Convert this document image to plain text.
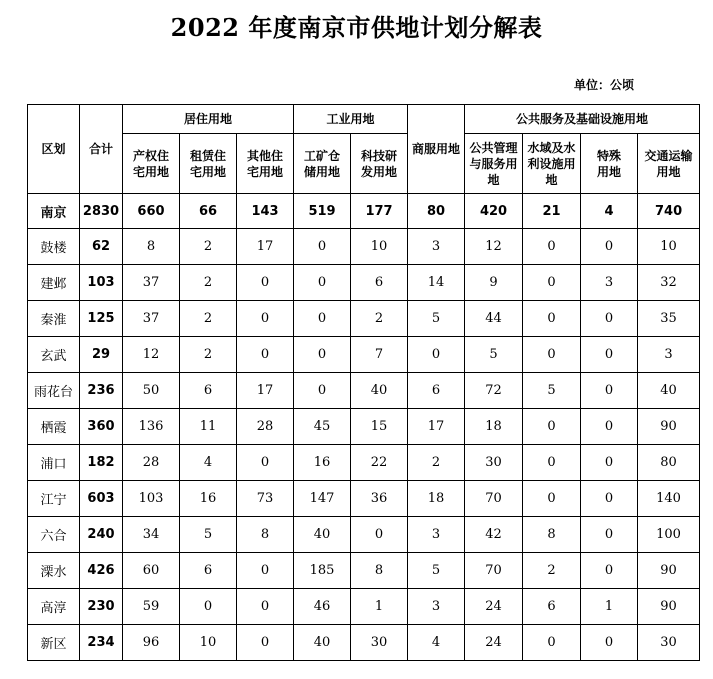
2022 年度南京市供地计划分解表
单位：公顷
区划	合计	居住用地			工业用地		商服用地	公共服务及基础设施用地			
		产权住宅用地	租赁住宅用地	其他住宅用地	工矿仓储用地	科技研发用地		公共管理与服务用地	水域及水利设施用地	特殊用地	交通运输用地
南京	2830	660	66	143	519	177	80	420	21	4	740
鼓楼	62	8	2	17	0	10	3	12	0	0	10
建邺	103	37	2	0	0	6	14	9	0	3	32
秦淮	125	37	2	0	0	2	5	44	0	0	35
玄武	29	12	2	0	0	7	0	5	0	0	3
雨花台	236	50	6	17	0	40	6	72	5	0	40
栖霞	360	136	11	28	45	15	17	18	0	0	90
浦口	182	28	4	0	16	22	2	30	0	0	80
江宁	603	103	16	73	147	36	18	70	0	0	140
六合	240	34	5	8	40	0	3	42	8	0	100
溧水	426	60	6	0	185	8	5	70	2	0	90
高淳	230	59	0	0	46	1	3	24	6	1	90
新区	234	96	10	0	40	30	4	24	0	0	30
